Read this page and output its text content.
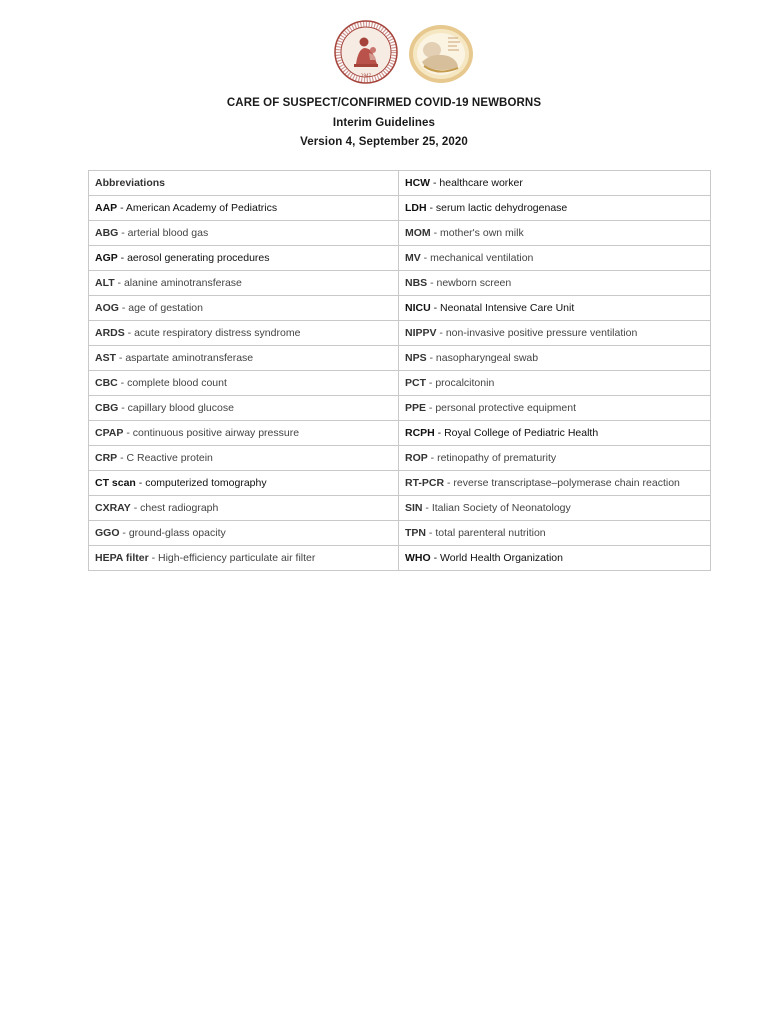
1947
CARE OF SUSPECT/CONFIRMED COVID-19 NEWBORNS
Interim Guidelines
Version 4, September 25, 2020
Abbreviations	HCW - healthcare worker
AAP - American Academy of Pediatrics	LDH - serum lactic dehydrogenase
ABG - arterial blood gas	MOM - mother's own milk
AGP - aerosol generating procedures	MV - mechanical ventilation
ALT - alanine aminotransferase	NBS - newborn screen
AOG - age of gestation	NICU - Neonatal Intensive Care Unit
ARDS - acute respiratory distress syndrome	NIPPV - non-invasive positive pressure ventilation
AST - aspartate aminotransferase	NPS - nasopharyngeal swab
CBC - complete blood count	PCT - procalcitonin
CBG - capillary blood glucose	PPE - personal protective equipment
CPAP - continuous positive airway pressure	RCPH - Royal College of Pediatric Health
CRP - C Reactive protein	ROP - retinopathy of prematurity
CT scan - computerized tomography	RT-PCR - reverse transcriptase–polymerase chain reaction
CXRAY - chest radiograph	SIN - Italian Society of Neonatology
GGO - ground-glass opacity	TPN - total parenteral nutrition
HEPA filter - High-efficiency particulate air filter	WHO - World Health Organization
